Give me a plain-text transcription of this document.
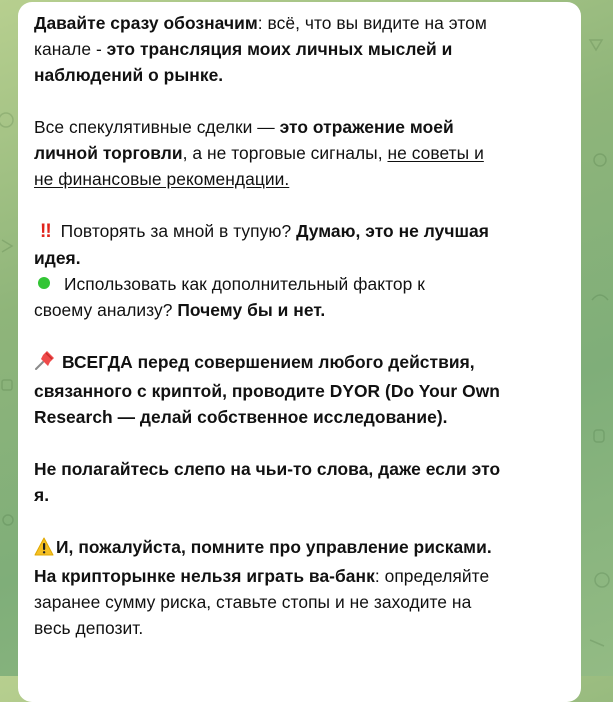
Давайте сразу обозначим: всё, что вы видите на этом
каналe - это трансляция моих личных мыслей и
наблюдений о рынке.
Все спекулятивные сделки — это отражение моей
личной торговли, а не торговые сигналы, не советы и
не финансовые рекомендации.
!! Повторять за мной в тупую? Думаю, это не лучшая
идея.
Использовать как дополнительный фактор к
своему анализу? Почему бы и нет.
ВСЕГДА перед совершением любого действия,
связанного с криптой, проводите DYOR (Do Your Own
Research — делай собственное исследование).
Не полагайтесь слепо на чьи-то слова, даже если это
я.
И, пожалуйста, помните про управление рисками.
На крипторынке нельзя играть ва-банк: определяйте
заранее сумму риска, ставьте стопы и не заходите на
весь депозит.
